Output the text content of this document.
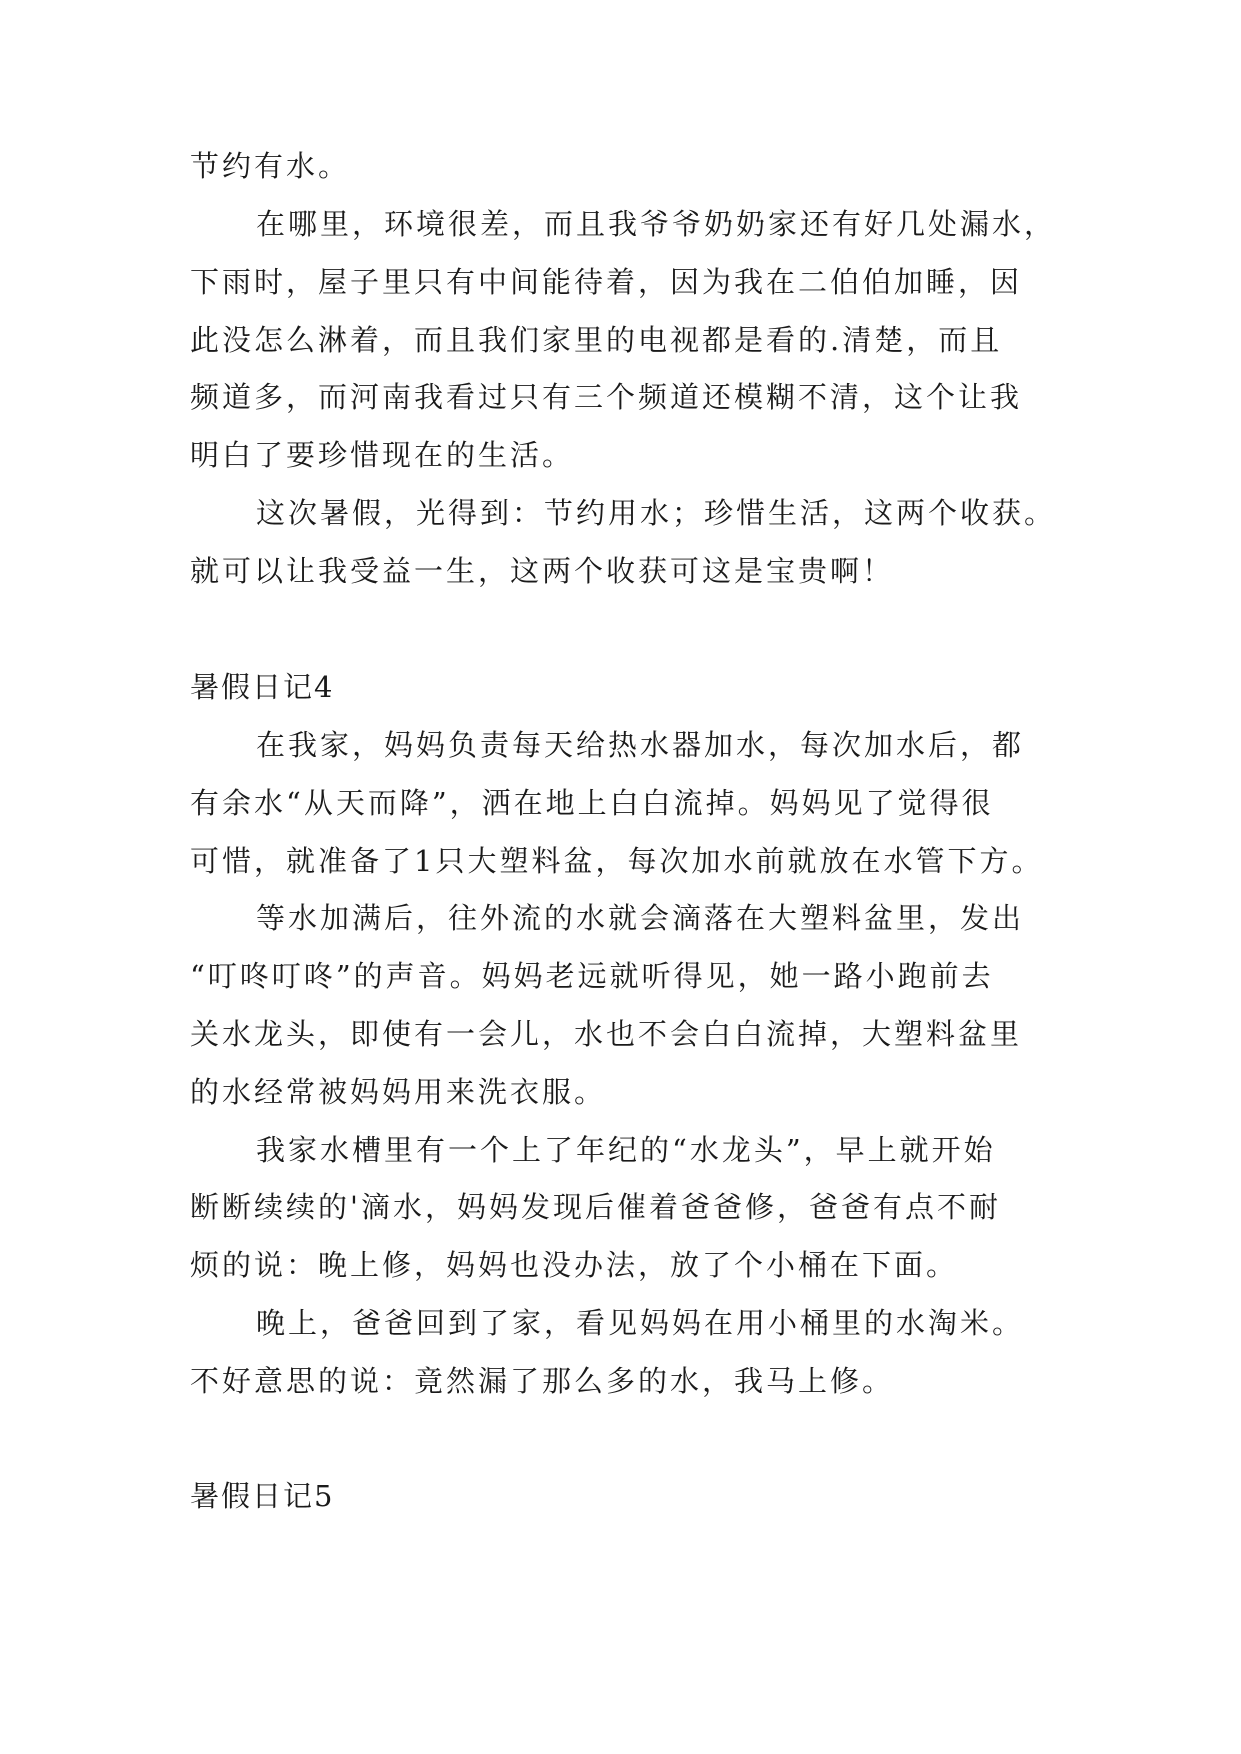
节约有水。
在哪里，环境很差，而且我爷爷奶奶家还有好几处漏水，
下雨时，屋子里只有中间能待着，因为我在二伯伯加睡，因
此没怎么淋着，而且我们家里的电视都是看的.清楚，而且
频道多，而河南我看过只有三个频道还模糊不清，这个让我
明白了要珍惜现在的生活。
这次暑假，光得到：节约用水；珍惜生活，这两个收获。
就可以让我受益一生，这两个收获可这是宝贵啊！
暑假日记4
在我家，妈妈负责每天给热水器加水，每次加水后，都
有余水“从天而降”，洒在地上白白流掉。妈妈见了觉得很
可惜，就准备了1只大塑料盆，每次加水前就放在水管下方。
等水加满后，往外流的水就会滴落在大塑料盆里，发出
“叮咚叮咚”的声音。妈妈老远就听得见，她一路小跑前去
关水龙头，即使有一会儿，水也不会白白流掉，大塑料盆里
的水经常被妈妈用来洗衣服。
我家水槽里有一个上了年纪的“水龙头”，早上就开始
断断续续的'滴水，妈妈发现后催着爸爸修，爸爸有点不耐
烦的说：晚上修，妈妈也没办法，放了个小桶在下面。
晚上，爸爸回到了家，看见妈妈在用小桶里的水淘米。
不好意思的说：竟然漏了那么多的水，我马上修。
暑假日记5
